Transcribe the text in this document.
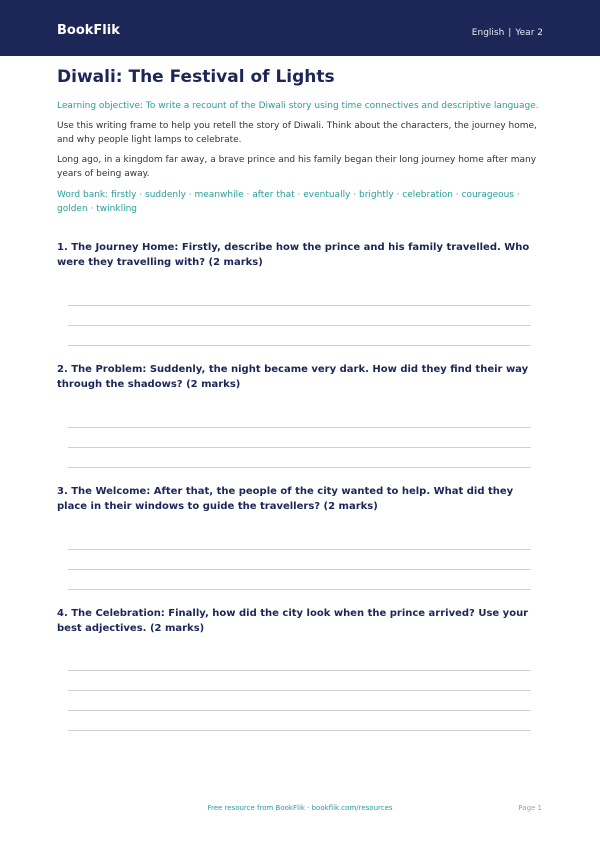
BookFlik	English | Year 2
Diwali: The Festival of Lights

Learning objective: To write a recount of the Diwali story using time connectives and descriptive language.

Use this writing frame to help you retell the story of Diwali. Think about the characters, the journey home, and why people light lamps to celebrate.

Long ago, in a kingdom far away, a brave prince and his family began their long journey home after many years of being away.

Word bank: firstly · suddenly · meanwhile · after that · eventually · brightly · celebration · courageous · golden · twinkling

1. The Journey Home: Firstly, describe how the prince and his family travelled. Who were they travelling with? (2 marks)

2. The Problem: Suddenly, the night became very dark. How did they find their way through the shadows? (2 marks)

3. The Welcome: After that, the people of the city wanted to help. What did they place in their windows to guide the travellers? (2 marks)

4. The Celebration: Finally, how did the city look when the prince arrived? Use your best adjectives. (2 marks)

Free resource from BookFlik · bookflik.com/resources	Page 1
